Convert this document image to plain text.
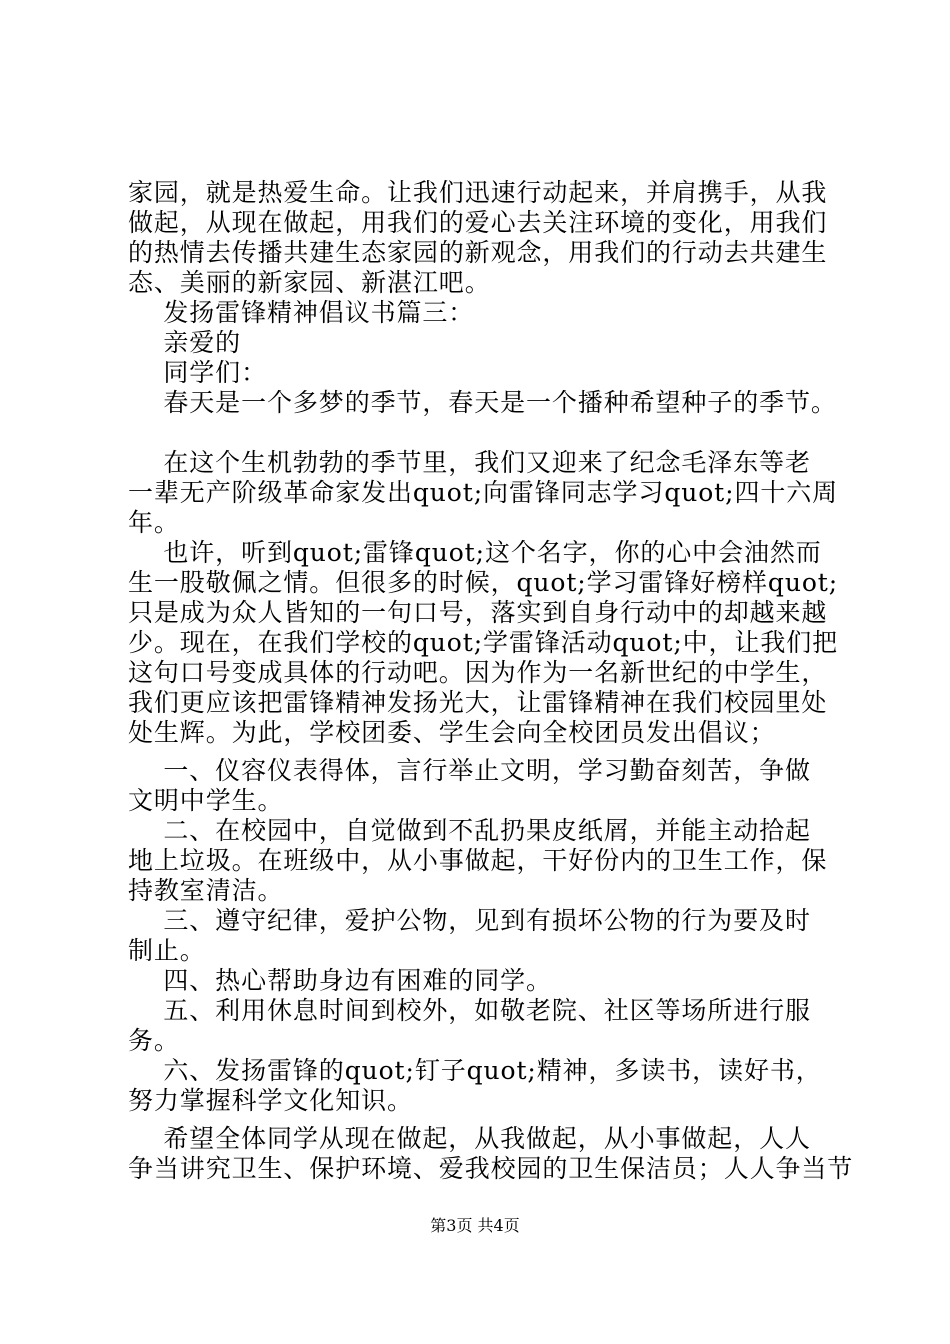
家园，就是热爱生命。让我们迅速行动起来，并肩携手，从我
做起，从现在做起，用我们的爱心去关注环境的变化，用我们
的热情去传播共建生态家园的新观念，用我们的行动去共建生
态、美丽的新家园、新湛江吧。
发扬雷锋精神倡议书篇三：
亲爱的
同学们：
春天是一个多梦的季节，春天是一个播种希望种子的季节。
在这个生机勃勃的季节里，我们又迎来了纪念毛泽东等老
一辈无产阶级革命家发出quot;向雷锋同志学习quot;四十六周
年。
也许，听到quot;雷锋quot;这个名字，你的心中会油然而
生一股敬佩之情。但很多的时候，quot;学习雷锋好榜样quot;
只是成为众人皆知的一句口号，落实到自身行动中的却越来越
少。现在，在我们学校的quot;学雷锋活动quot;中，让我们把
这句口号变成具体的行动吧。因为作为一名新世纪的中学生，
我们更应该把雷锋精神发扬光大，让雷锋精神在我们校园里处
处生辉。为此，学校团委、学生会向全校团员发出倡议；
一、仪容仪表得体，言行举止文明，学习勤奋刻苦，争做
文明中学生。
二、在校园中，自觉做到不乱扔果皮纸屑，并能主动拾起
地上垃圾。在班级中，从小事做起，干好份内的卫生工作，保
持教室清洁。
三、遵守纪律，爱护公物，见到有损坏公物的行为要及时
制止。
四、热心帮助身边有困难的同学。
五、利用休息时间到校外，如敬老院、社区等场所进行服
务。
六、发扬雷锋的quot;钉子quot;精神，多读书，读好书，
努力掌握科学文化知识。
希望全体同学从现在做起，从我做起，从小事做起，人人
争当讲究卫生、保护环境、爱我校园的卫生保洁员；人人争当节
第3页 共4页
